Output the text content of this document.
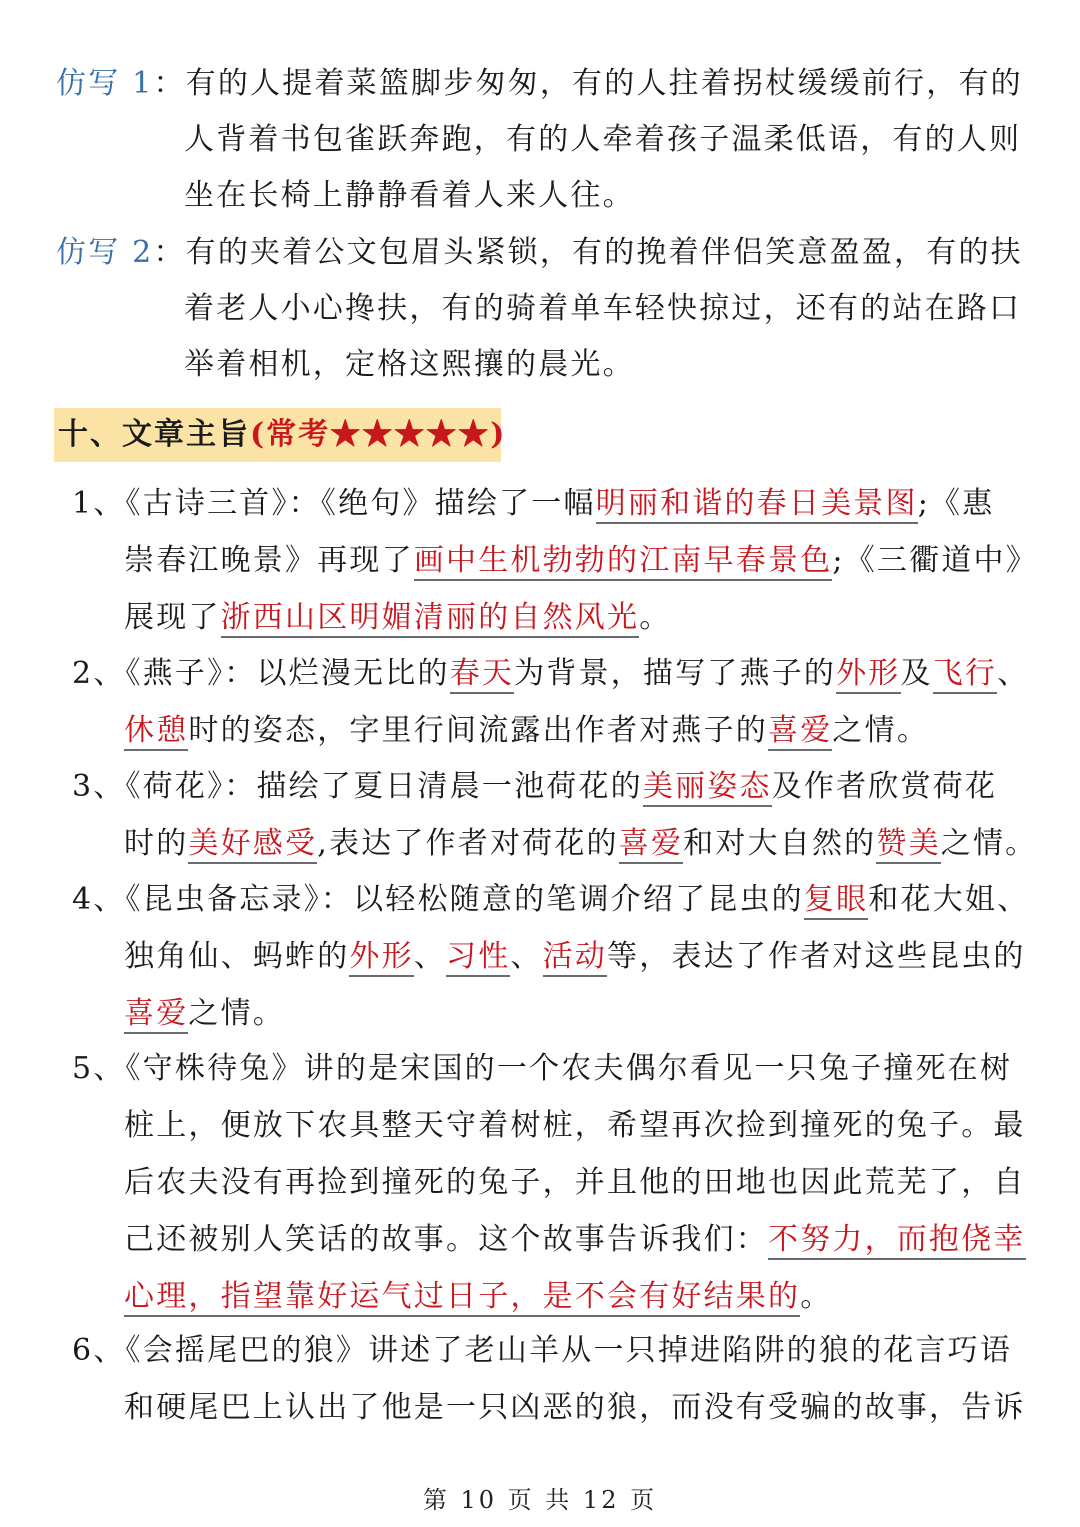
仿写 1：有的人提着菜篮脚步匆匆，有的人拄着拐杖缓缓前行，有的
人背着书包雀跃奔跑，有的人牵着孩子温柔低语，有的人则
坐在长椅上静静看着人来人往。
仿写 2：有的夹着公文包眉头紧锁，有的挽着伴侣笑意盈盈，有的扶
着老人小心搀扶，有的骑着单车轻快掠过，还有的站在路口
举着相机，定格这熙攘的晨光。
十、文章主旨(常考★★★★★)
1、《古诗三首》：《绝句》描绘了一幅明丽和谐的春日美景图;《惠
崇春江晚景》再现了画中生机勃勃的江南早春景色;《三衢道中》
展现了浙西山区明媚清丽的自然风光。
2、《燕子》：以烂漫无比的春天为背景，描写了燕子的外形及飞行、
休憩时的姿态，字里行间流露出作者对燕子的喜爱之情。
3、《荷花》：描绘了夏日清晨一池荷花的美丽姿态及作者欣赏荷花
时的美好感受,表达了作者对荷花的喜爱和对大自然的赞美之情。
4、《昆虫备忘录》：以轻松随意的笔调介绍了昆虫的复眼和花大姐、
独角仙、蚂蚱的外形、习性、活动等，表达了作者对这些昆虫的
喜爱之情。
5、《守株待兔》讲的是宋国的一个农夫偶尔看见一只兔子撞死在树
桩上，便放下农具整天守着树桩，希望再次捡到撞死的兔子。最
后农夫没有再捡到撞死的兔子，并且他的田地也因此荒芜了，自
己还被别人笑话的故事。这个故事告诉我们：不努力，而抱侥幸
心理，指望靠好运气过日子，是不会有好结果的。
6、《会摇尾巴的狼》讲述了老山羊从一只掉进陷阱的狼的花言巧语
和硬尾巴上认出了他是一只凶恶的狼，而没有受骗的故事，告诉
第 10 页 共 12 页
